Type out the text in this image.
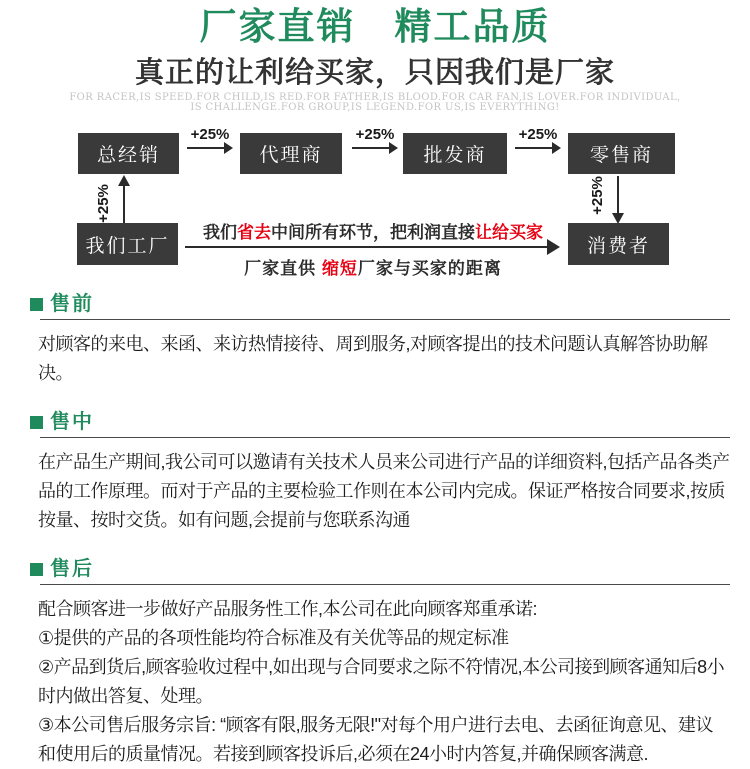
厂家直销　精工品质
真正的让利给买家，只因我们是厂家
FOR RACER,IS SPEED.FOR CHILD,IS RED.FOR FATHER,IS BLOOD.FOR CAR FAN,IS LOVER.FOR INDIVIDUAL,
IS CHALLENGE.FOR GROUP,IS LEGEND.FOR US,IS EVERYTHING!
总经销	代理商	批发商	零售商
我们工厂	消费者
+25%	+25%	+25%
+25%	+25%
我们省去中间所有环节，把利润直接让给买家
厂家直供 缩短厂家与买家的距离
售前

对顾客的来电、来函、来访热情接待、周到服务,对顾客提出的技术问题认真解答协助解决。

售中

在产品生产期间,我公司可以邀请有关技术人员来公司进行产品的详细资料,包括产品各类产品的工作原理。而对于产品的主要检验工作则在本公司内完成。保证严格按合同要求,按质按量、按时交货。如有问题,会提前与您联系沟通

售后

配合顾客进一步做好产品服务性工作,本公司在此向顾客郑重承诺:

①提供的产品的各项性能均符合标准及有关优等品的规定标准

②产品到货后,顾客验收过程中,如出现与合同要求之际不符情况,本公司接到顾客通知后8小时内做出答复、处理。

③本公司售后服务宗旨: “顾客有限,服务无限!"对每个用户进行去电、去函征询意见、建议和使用后的质量情况。若接到顾客投诉后,必须在24小时内答复,并确保顾客满意.
